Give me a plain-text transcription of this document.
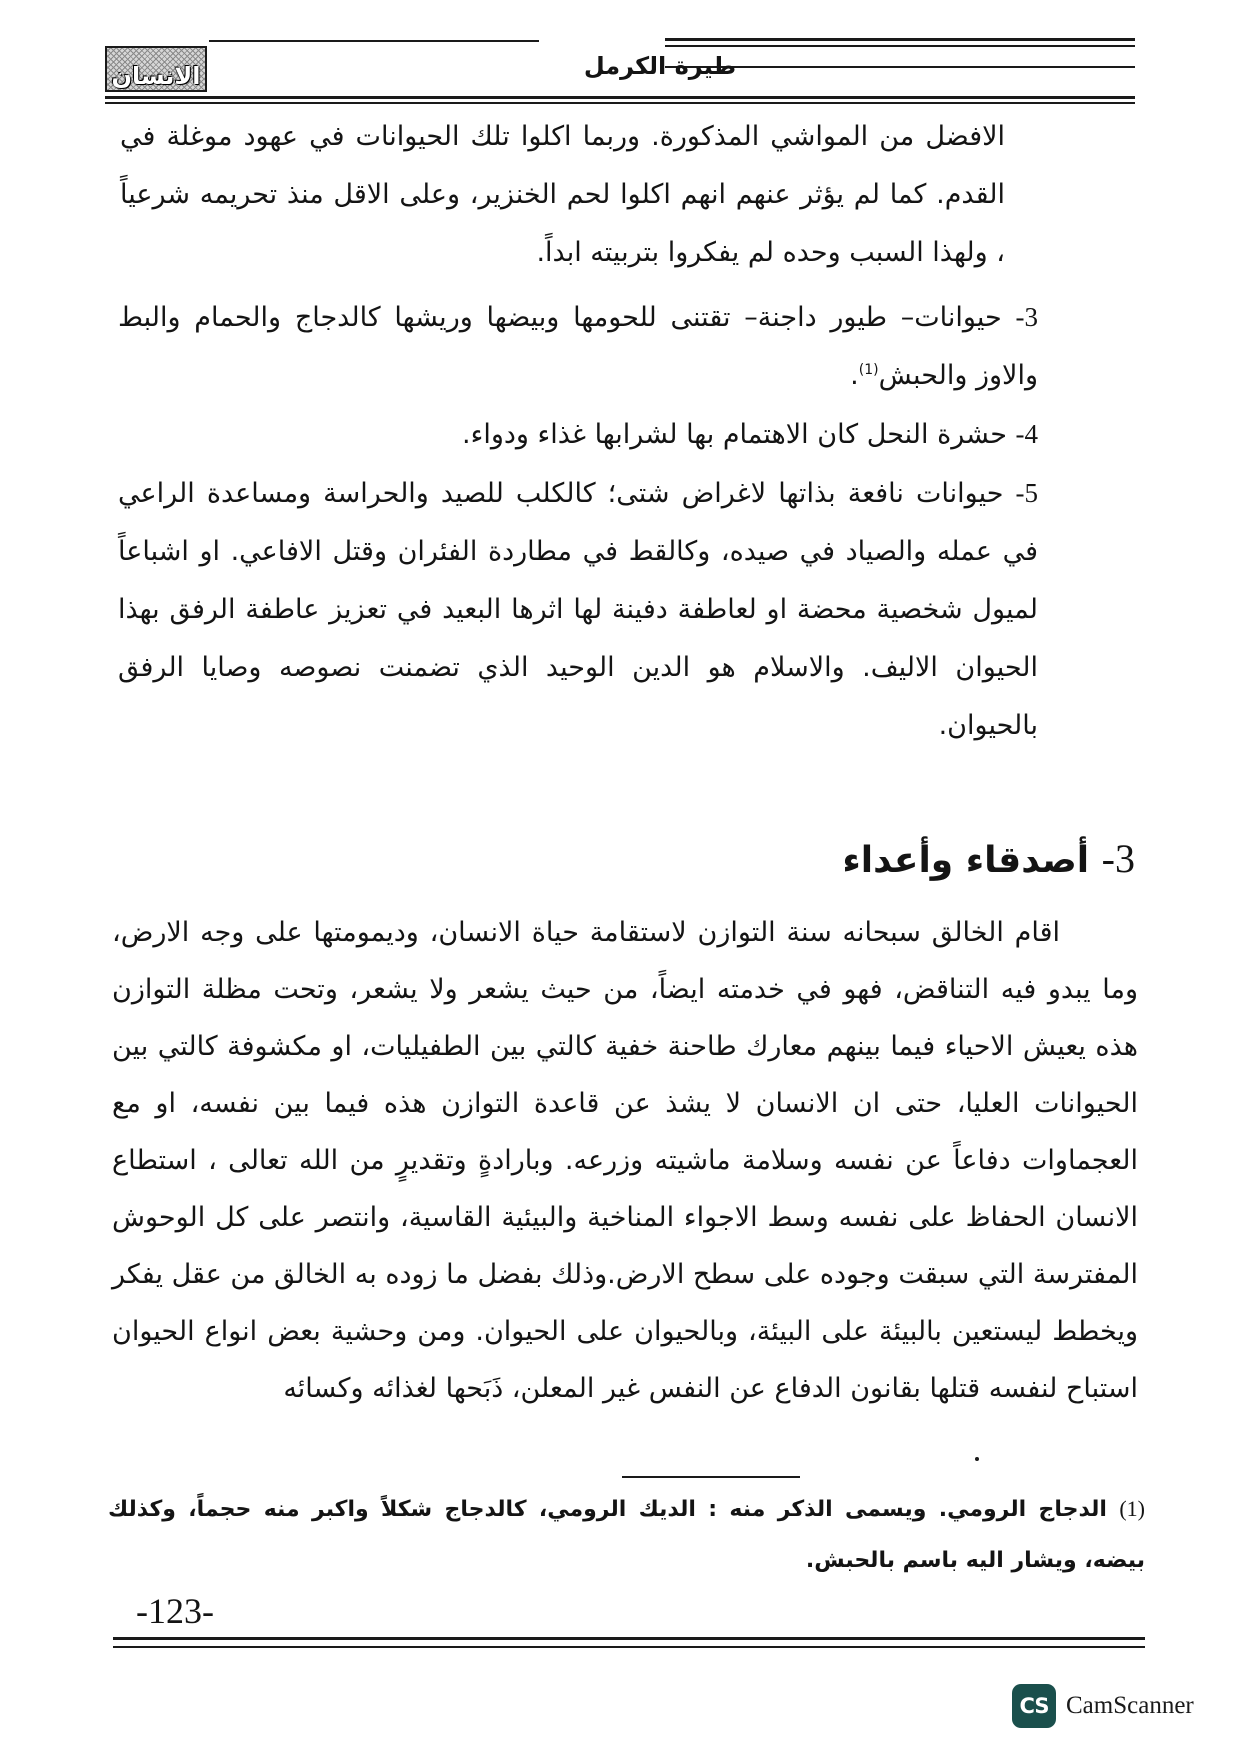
الانسان	طيرة الكرمل

الافضل من المواشي المذكورة. وربما اكلوا تلك الحيوانات في عهود موغلة في القدم. كما لم يؤثر عنهم انهم اكلوا لحم الخنزير، وعلى الاقل منذ تحريمه شرعياً ، ولهذا السبب وحده لم يفكروا بتربيته ابداً.

3- حيوانات– طيور داجنة– تقتنى للحومها وبيضها وريشها كالدجاج والحمام والبط والاوز والحبش$^{(1)}$.

4- حشرة النحل كان الاهتمام بها لشرابها غذاء ودواء.

5- حيوانات نافعة بذاتها لاغراض شتى؛ كالكلب للصيد والحراسة ومساعدة الراعي في عمله والصياد في صيده، وكالقط في مطاردة الفئران وقتل الافاعي. او اشباعاً لميول شخصية محضة او لعاطفة دفينة لها اثرها البعيد في تعزيز عاطفة الرفق بهذا الحيوان الاليف. والاسلام هو الدين الوحيد الذي تضمنت نصوصه وصايا الرفق بالحيوان.

3- أصدقاء وأعداء

اقام الخالق سبحانه سنة التوازن لاستقامة حياة الانسان، وديمومتها على وجه الارض، وما يبدو فيه التناقض، فهو في خدمته ايضاً، من حيث يشعر ولا يشعر، وتحت مظلة التوازن هذه يعيش الاحياء فيما بينهم معارك طاحنة خفية كالتي بين الطفيليات، او مكشوفة كالتي بين الحيوانات العليا، حتى ان الانسان لا يشذ عن قاعدة التوازن هذه فيما بين نفسه، او مع العجماوات دفاعاً عن نفسه وسلامة ماشيته وزرعه. وبارادةٍ وتقديرٍ من الله تعالى ، استطاع الانسان الحفاظ على نفسه وسط الاجواء المناخية والبيئية القاسية، وانتصر على كل الوحوش المفترسة التي سبقت وجوده على سطح الارض.وذلك بفضل ما زوده به الخالق من عقل يفكر ويخطط ليستعين بالبيئة على البيئة، وبالحيوان على الحيوان. ومن وحشية بعض انواع الحيوان استباح لنفسه قتلها بقانون الدفاع عن النفس غير المعلن، ذَبَحها لغذائه وكسائه

(1) الدجاج الرومي. ويسمى الذكر منه : الديك الرومي، كالدجاج شكلاً واكبر منه حجماً، وكذلك بيضه، ويشار اليه باسم بالحبش.
-123-
CS CamScanner
